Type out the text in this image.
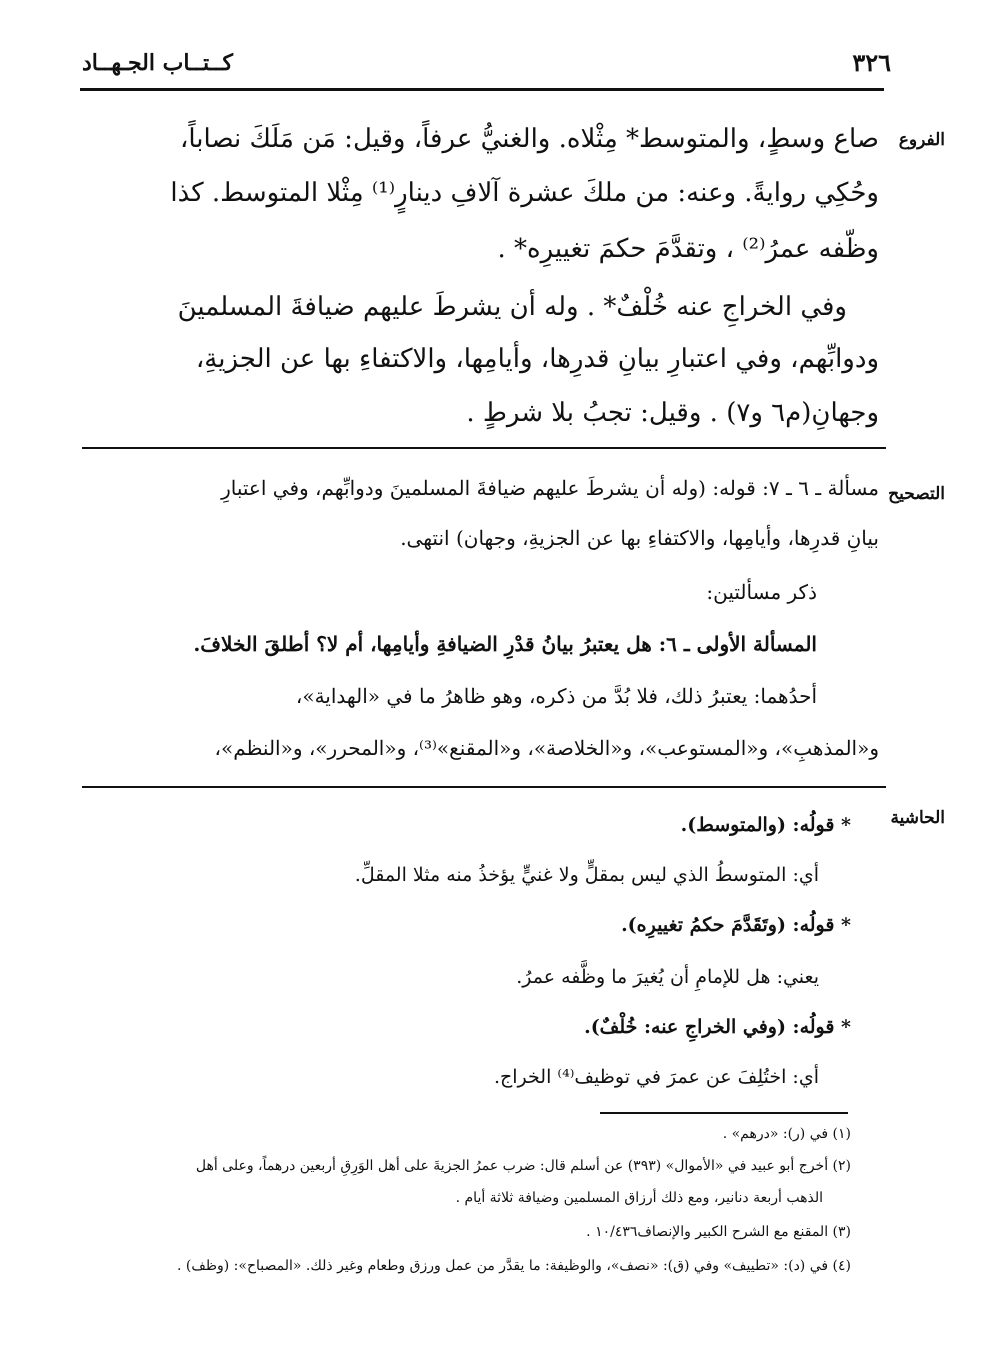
كــتــاب الجـهــاد	٣٢٦
الفروع
التصحيح
الحاشية
صاع وسطٍ، والمتوسط* مِثْلاه. والغنيُّ عرفاً، وقيل: مَن مَلَكَ نصاباً،
وحُكِي روايةً. وعنه: من ملكَ عشرة آلافِ دينارٍ⁽¹⁾ مِثْلا المتوسط. كذا
وظّفه عمرُ⁽²⁾ ، وتقدَّمَ حكمَ تغييرِه* .
وفي الخراجِ عنه خُلْفٌ* . وله أن يشرطَ عليهم ضيافةَ المسلمينَ
ودوابِّهم، وفي اعتبارِ بيانِ قدرِها، وأيامِها، والاكتفاءِ بها عن الجزيةِ،
وجهانِ(م٦ و٧) . وقيل: تجبُ بلا شرطٍ .
مسألة ـ ٦ ـ ٧: قوله: (وله أن يشرطَ عليهم ضيافةَ المسلمينَ ودوابِّهم، وفي اعتبارِ
بيانِ قدرِها، وأيامِها، والاكتفاءِ بها عن الجزيةِ، وجهان) انتهى.
ذكر مسألتين:
المسألة الأولى ـ ٦: هل يعتبرُ بيانُ قدْرِ الضيافةِ وأيامِها، أم لا؟ أطلقَ الخلافَ.
أحدُهما: يعتبرُ ذلك، فلا بُدَّ من ذكره، وهو ظاهرُ ما في «الهداية»،
و«المذهبِ»، و«المستوعب»، و«الخلاصة»، و«المقنع»⁽³⁾، و«المحرر»، و«النظم»،
* قولُه: (والمتوسط).
أي: المتوسطُ الذي ليس بمقلٍّ ولا غنيٍّ يؤخذُ منه مثلا المقلِّ.
* قولُه: (وتَقَدَّمَ حكمُ تغييرِه).
يعني: هل للإمامِ أن يُغيرَ ما وظَّفه عمرُ.
* قولُه: (وفي الخراجِ عنه: خُلْفٌ).
أي: اختُلِفَ عن عمرَ في توظيف⁽⁴⁾ الخراج.
(١) في (ر): «درهم» .
(٢) أخرج أبو عبيد في «الأموال» (٣٩٣) عن أسلم قال: ضرب عمرُ الجزيةَ على أهل الوَرِقِ أربعين درهماً، وعلى أهل
الذهب أربعة دنانير، ومع ذلك أرزاق المسلمين وضيافة ثلاثة أيام .
(٣) المقنع مع الشرح الكبير والإنصاف١٠/٤٣٦ .
(٤) في (د): «تطييف» وفي (ق): «نصف»، والوظيفة: ما يقدَّر من عمل ورزق وطعام وغير ذلك. «المصباح»: (وظف) .
